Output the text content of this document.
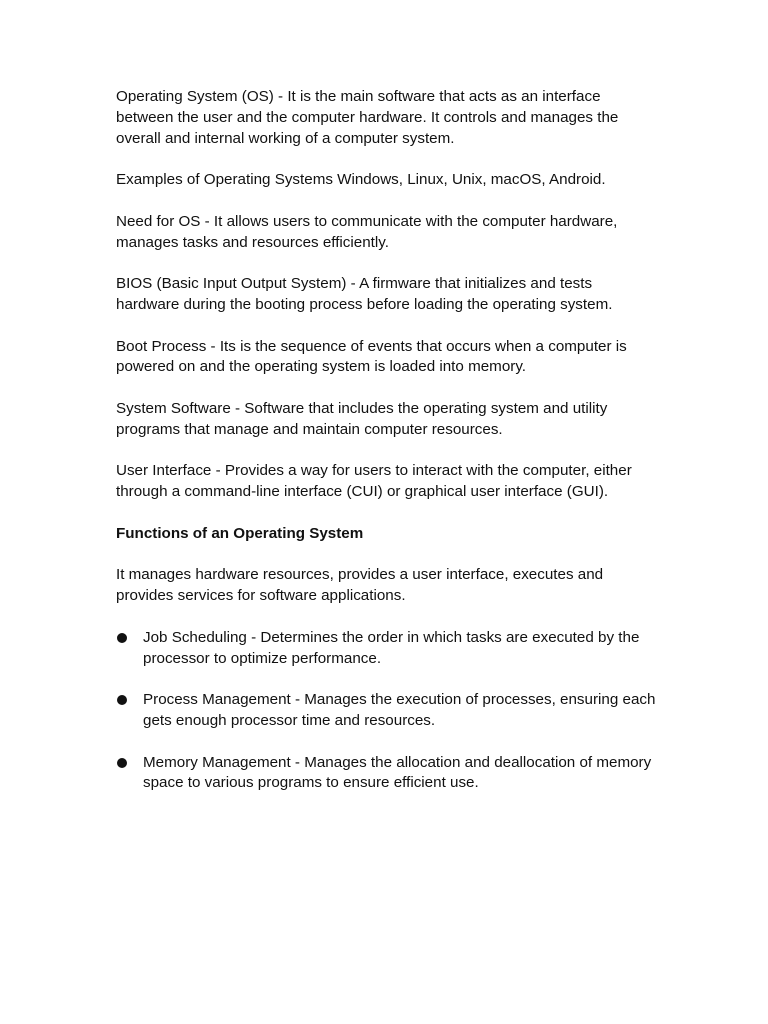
Operating System (OS) - It is the main software that acts as an interface between the user and the computer hardware. It controls and manages the overall and internal working of a computer system.

Examples of Operating Systems Windows, Linux, Unix, macOS, Android.

Need for OS - It allows users to communicate with the computer hardware, manages tasks and resources efficiently.

BIOS (Basic Input Output System) - A firmware that initializes and tests hardware during the booting process before loading the operating system.

Boot Process - Its is the sequence of events that occurs when a computer is powered on and the operating system is loaded into memory.

System Software - Software that includes the operating system and utility programs that manage and maintain computer resources.

User Interface - Provides a way for users to interact with the computer, either through a command-line interface (CUI) or graphical user interface (GUI).

Functions of an Operating System

It manages hardware resources, provides a user interface, executes and provides services for software applications.

Job Scheduling - Determines the order in which tasks are executed by the processor to optimize performance.
Process Management - Manages the execution of processes, ensuring each gets enough processor time and resources.
Memory Management - Manages the allocation and deallocation of memory space to various programs to ensure efficient use.
